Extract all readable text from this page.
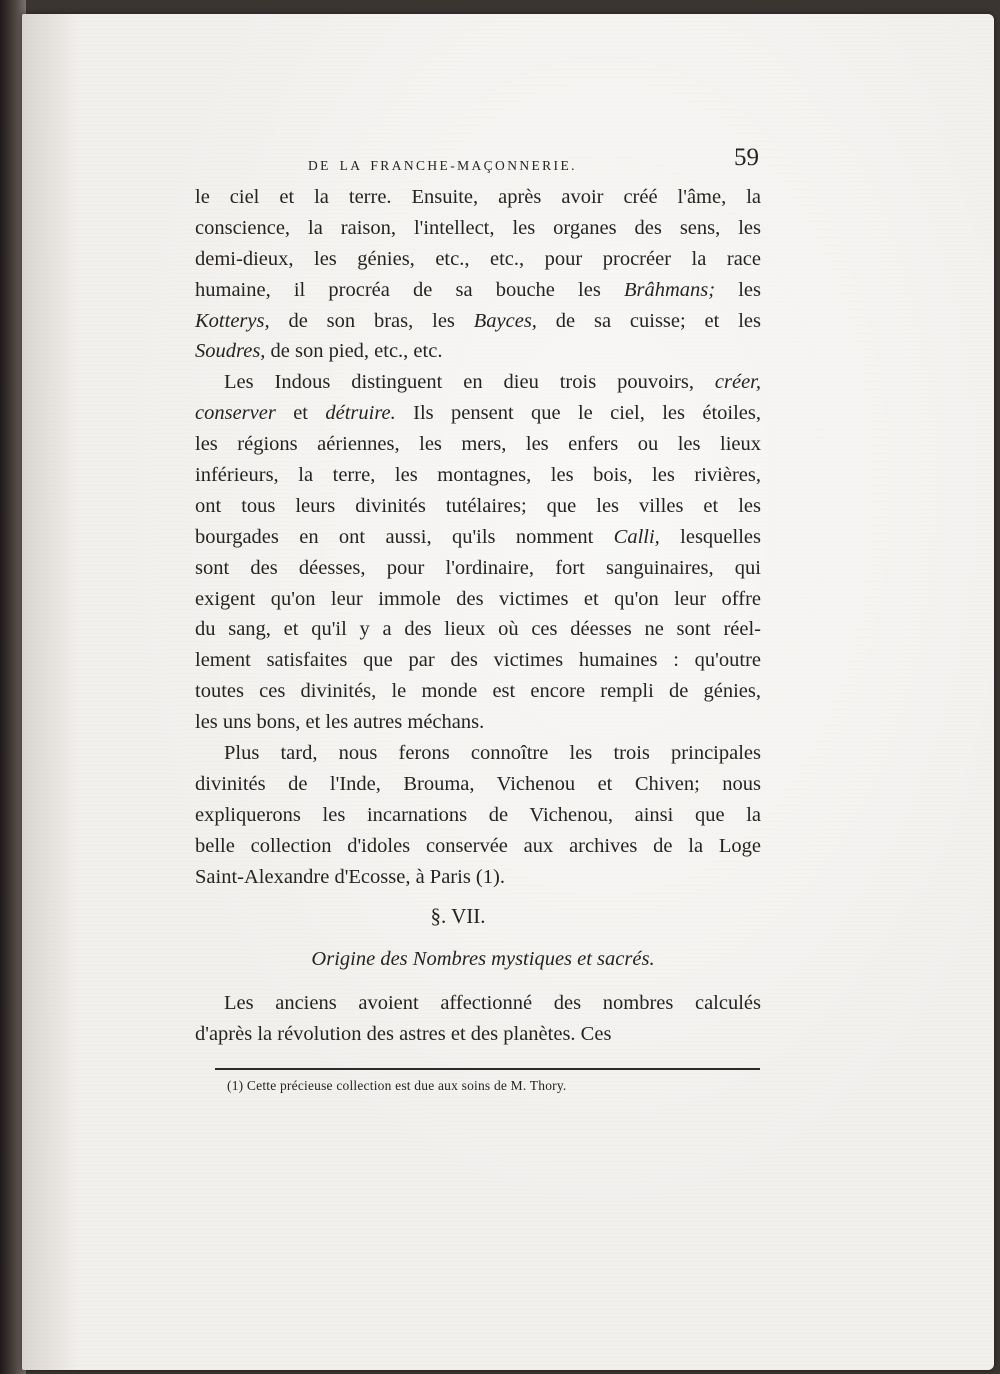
DE LA FRANCHE-MAÇONNERIE.	59
le ciel et la terre. Ensuite, après avoir créé l'âme, la
conscience, la raison, l'intellect, les organes des sens, les
demi-dieux, les génies, etc., etc., pour procréer la race
humaine, il procréa de sa bouche les Brâhmans; les
Kotterys, de son bras, les Bayces, de sa cuisse; et les
Soudres, de son pied, etc., etc.
Les Indous distinguent en dieu trois pouvoirs, créer,
conserver et détruire. Ils pensent que le ciel, les étoiles,
les régions aériennes, les mers, les enfers ou les lieux
inférieurs, la terre, les montagnes, les bois, les rivières,
ont tous leurs divinités tutélaires; que les villes et les
bourgades en ont aussi, qu'ils nomment Calli, lesquelles
sont des déesses, pour l'ordinaire, fort sanguinaires, qui
exigent qu'on leur immole des victimes et qu'on leur offre
du sang, et qu'il y a des lieux où ces déesses ne sont réel-
lement satisfaites que par des victimes humaines : qu'outre
toutes ces divinités, le monde est encore rempli de génies,
les uns bons, et les autres méchans.
Plus tard, nous ferons connoître les trois principales
divinités de l'Inde, Brouma, Vichenou et Chiven; nous
expliquerons les incarnations de Vichenou, ainsi que la
belle collection d'idoles conservée aux archives de la Loge
Saint-Alexandre d'Ecosse, à Paris (1).
§. VII.
Origine des Nombres mystiques et sacrés.
Les anciens avoient affectionné des nombres calculés
d'après la révolution des astres et des planètes. Ces
(1) Cette précieuse collection est due aux soins de M. Thory.
